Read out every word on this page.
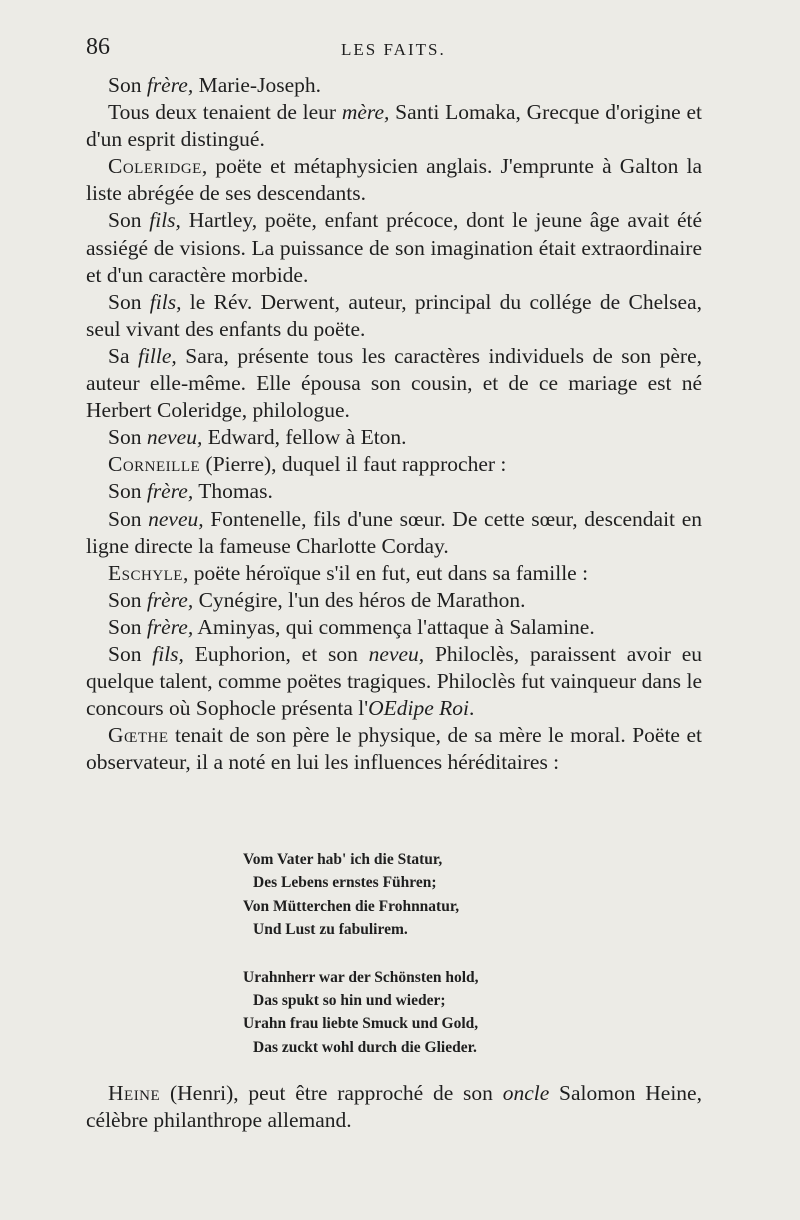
86	LES FAITS.

Son frère, Marie-Joseph.

Tous deux tenaient de leur mère, Santi Lomaka, Grecque d'origine et d'un esprit distingué.

Coleridge, poëte et métaphysicien anglais. J'emprunte à Galton la liste abrégée de ses descendants.

Son fils, Hartley, poëte, enfant précoce, dont le jeune âge avait été assiégé de visions. La puissance de son imagination était extraordinaire et d'un caractère morbide.

Son fils, le Rév. Derwent, auteur, principal du collége de Chelsea, seul vivant des enfants du poëte.

Sa fille, Sara, présente tous les caractères individuels de son père, auteur elle-même. Elle épousa son cousin, et de ce mariage est né Herbert Coleridge, philologue.

Son neveu, Edward, fellow à Eton.

Corneille (Pierre), duquel il faut rapprocher :

Son frère, Thomas.

Son neveu, Fontenelle, fils d'une sœur. De cette sœur, descendait en ligne directe la fameuse Charlotte Corday.

Eschyle, poëte héroïque s'il en fut, eut dans sa famille :

Son frère, Cynégire, l'un des héros de Marathon.

Son frère, Aminyas, qui commença l'attaque à Salamine.

Son fils, Euphorion, et son neveu, Philoclès, paraissent avoir eu quelque talent, comme poëtes tragiques. Philoclès fut vainqueur dans le concours où Sophocle présenta l'OEdipe Roi.

Gœthe tenait de son père le physique, de sa mère le moral. Poëte et observateur, il a noté en lui les influences héréditaires :

Vom Vater hab' ich die Statur,
Des Lebens ernstes Führen;
Von Mütterchen die Frohnnatur,
Und Lust zu fabulirem.
Urahnherr war der Schönsten hold,
Das spukt so hin und wieder;
Urahn frau liebte Smuck und Gold,
Das zuckt wohl durch die Glieder.

Heine (Henri), peut être rapproché de son oncle Salomon Heine, célèbre philanthrope allemand.
